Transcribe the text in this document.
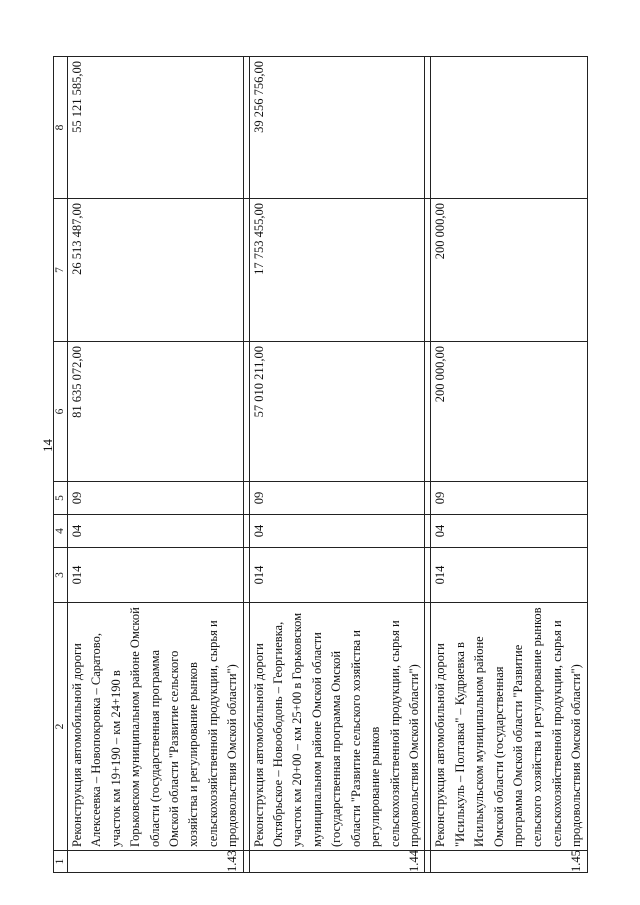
14
1	2	3	4	5	6	7	8
1.43	Реконструкция автомобильной дороги Алексеевка – Новопокровка – Саратово, участок км 19+190 – км 24+190 в Горьковском муниципальном районе Омской области (государственная программа Омской области "Развитие сельского хозяйства и регулирование рынков сельскохозяйственной продукции, сырья и продовольствия Омской области")	014	04	09	81 635 072,00	26 513 487,00	55 121 585,00

1.44	Реконструкция автомобильной дороги Октябрьское – Новоободонь – Георгиевка, участок км 20+00 – км 25+00 в Горьковском муниципальном районе Омской области (государственная программа Омской области "Развитие сельского хозяйства и регулирование рынков сельскохозяйственной продукции, сырья и продовольствия Омской области")	014	04	09	57 010 211,00	17 753 455,00	39 256 756,00

1.45	Реконструкция автомобильной дороги "Исилькуль – Полтавка" – Кудряевка в Исилькульском муниципальном районе Омской области (государственная программа Омской области "Развитие сельского хозяйства и регулирование рынков сельскохозяйственной продукции, сырья и продовольствия Омской области")	014	04	09	200 000,00	200 000,00	
